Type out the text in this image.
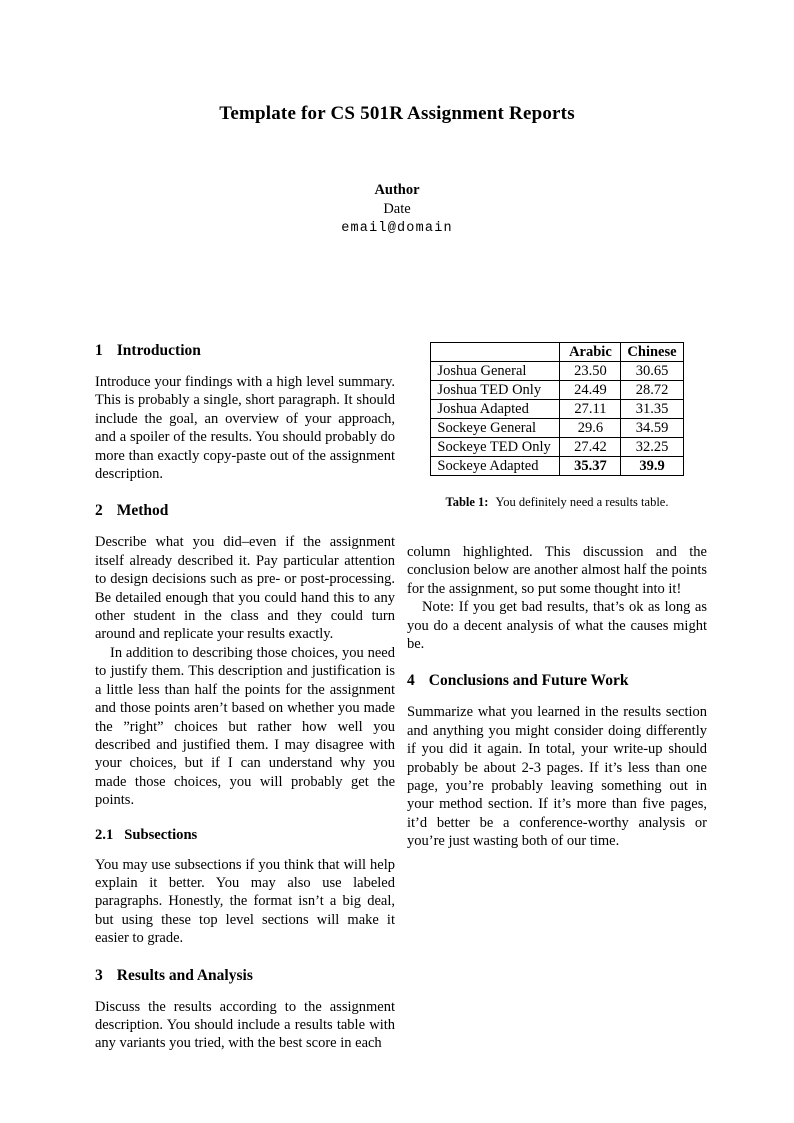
Template for CS 501R Assignment Reports
Author
Date
email@domain
1 Introduction

Introduce your findings with a high level summary. This is probably a single, short paragraph. It should include the goal, an overview of your approach, and a spoiler of the results. You should probably do more than exactly copy-paste out of the assignment description.

2 Method

Describe what you did–even if the assignment itself already described it. Pay particular attention to design decisions such as pre- or post-processing. Be detailed enough that you could hand this to any other student in the class and they could turn around and replicate your results exactly.

In addition to describing those choices, you need to justify them. This description and justification is a little less than half the points for the assignment and those points aren’t based on whether you made the ”right” choices but rather how well you described and justified them. I may disagree with your choices, but if I can understand why you made those choices, you will probably get the points.

2.1 Subsections

You may use subsections if you think that will help explain it better. You may also use labeled paragraphs. Honestly, the format isn’t a big deal, but using these top level sections will make it easier to grade.

3 Results and Analysis

Discuss the results according to the assignment description. You should include a results table with any variants you tried, with the best score in each

	Arabic	Chinese
Joshua General	23.50	30.65
Joshua TED Only	24.49	28.72
Joshua Adapted	27.11	31.35
Sockeye General	29.6	34.59
Sockeye TED Only	27.42	32.25
Sockeye Adapted	35.37	39.9
Table 1: You definitely need a results table.

column highlighted. This discussion and the conclusion below are another almost half the points for the assignment, so put some thought into it!

Note: If you get bad results, that’s ok as long as you do a decent analysis of what the causes might be.

4 Conclusions and Future Work

Summarize what you learned in the results section and anything you might consider doing differently if you did it again. In total, your write-up should probably be about 2-3 pages. If it’s less than one page, you’re probably leaving something out in your method section. If it’s more than five pages, it’d better be a conference-worthy analysis or you’re just wasting both of our time.
